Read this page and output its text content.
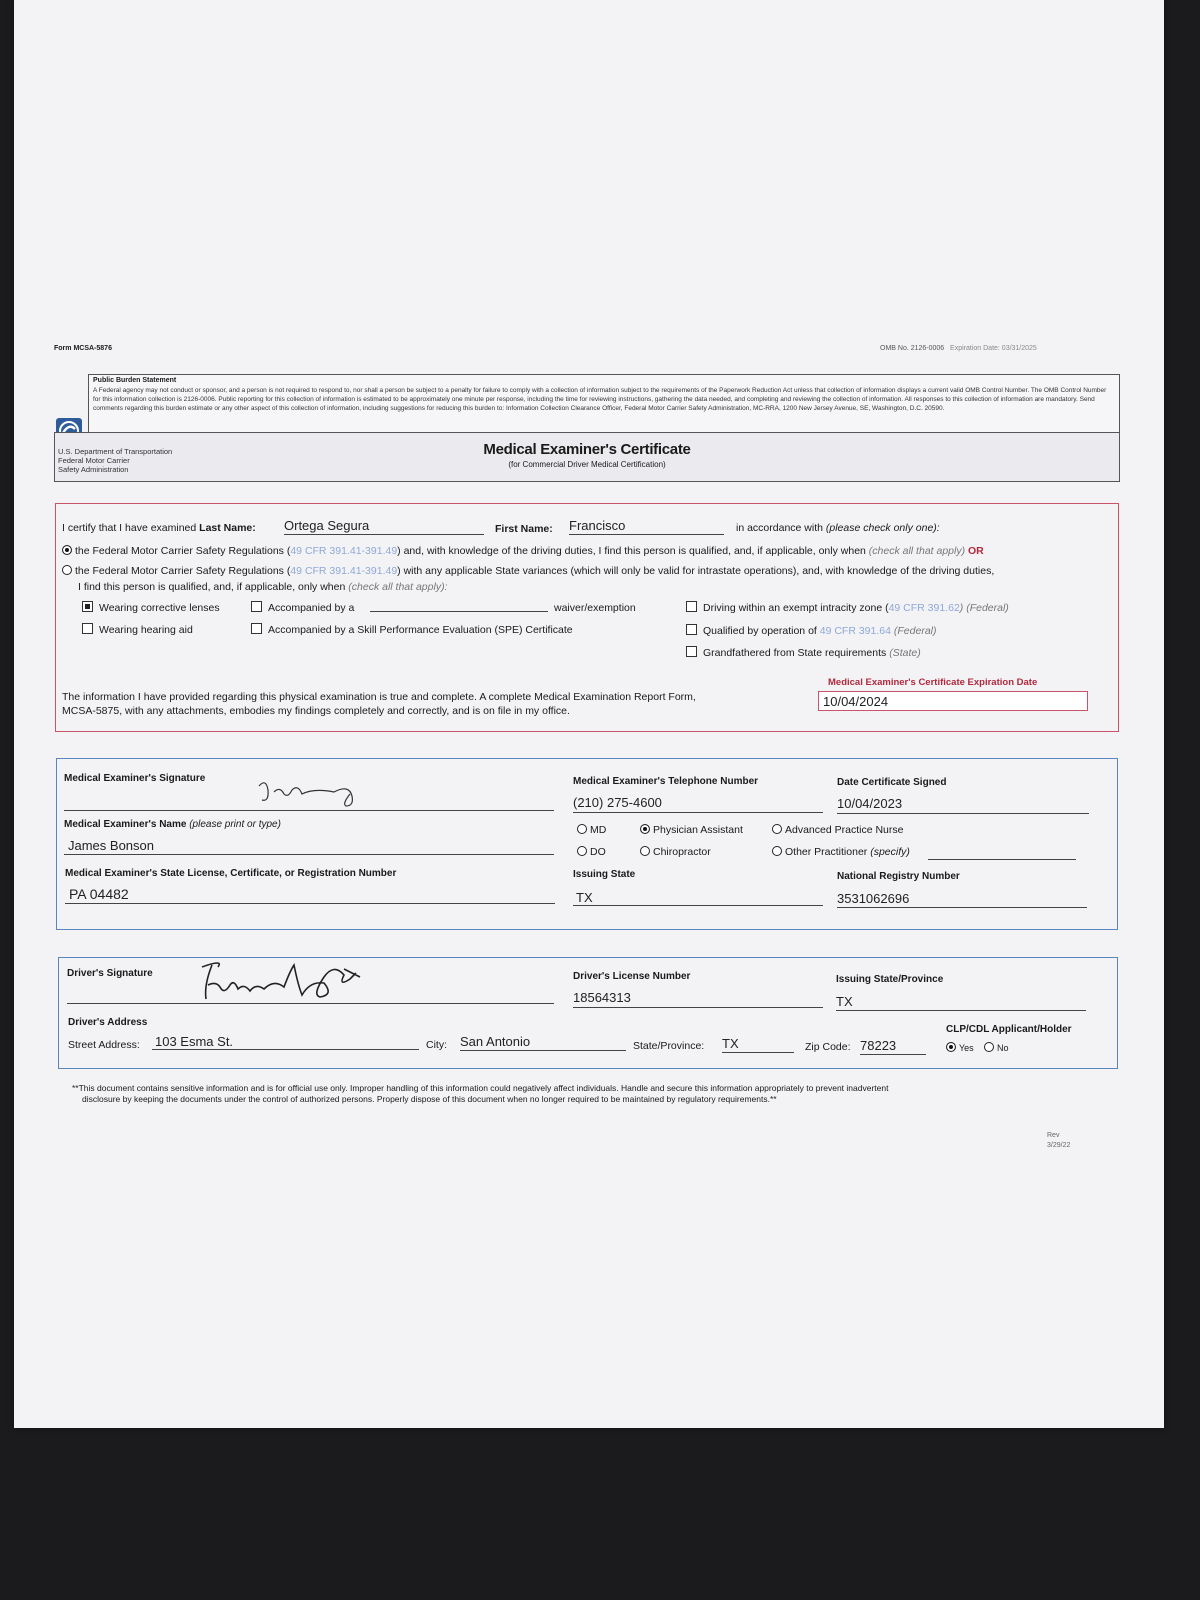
Form MCSA-5876	OMB No. 2126-0006 Expiration Date: 03/31/2025
Public Burden Statement
A Federal agency may not conduct or sponsor, and a person is not required to respond to, nor shall a person be subject to a penalty for failure to comply with a collection of information subject to the requirements of the Paperwork Reduction Act unless that collection of information displays a current valid OMB Control Number. The OMB Control Number for this information collection is 2126-0006. Public reporting for this collection of information is estimated to be approximately one minute per response, including the time for reviewing instructions, gathering the data needed, and completing and reviewing the collection of information. All responses to this collection of information are mandatory. Send comments regarding this burden estimate or any other aspect of this collection of information, including suggestions for reducing this burden to: Information Collection Clearance Officer, Federal Motor Carrier Safety Administration, MC-RRA, 1200 New Jersey Avenue, SE, Washington, D.C. 20590.
U.S. Department of Transportation
Federal Motor Carrier
Safety Administration
Medical Examiner's Certificate
(for Commercial Driver Medical Certification)
I certify that I have examined Last Name: Ortega Segura	First Name: Francisco	in accordance with (please check only one):
the Federal Motor Carrier Safety Regulations (49 CFR 391.41-391.49) and, with knowledge of the driving duties, I find this person is qualified, and, if applicable, only when (check all that apply) OR
the Federal Motor Carrier Safety Regulations (49 CFR 391.41-391.49) with any applicable State variances (which will only be valid for intrastate operations), and, with knowledge of the driving duties,
I find this person is qualified, and, if applicable, only when (check all that apply):
Wearing corrective lenses
Wearing hearing aid
Accompanied by a	waiver/exemption
Accompanied by a Skill Performance Evaluation (SPE) Certificate
Driving within an exempt intracity zone (49 CFR 391.62) (Federal)
Qualified by operation of 49 CFR 391.64 (Federal)
Grandfathered from State requirements (State)
The information I have provided regarding this physical examination is true and complete. A complete Medical Examination Report Form,
MCSA-5875, with any attachments, embodies my findings completely and correctly, and is on file in my office.
Medical Examiner's Certificate Expiration Date
10/04/2024
Medical Examiner's Signature	Medical Examiner's Telephone Number
(210) 275-4600
Date Certificate Signed
10/04/2023
Medical Examiner's Name (please print or type)
James Bonson
MD
DO
Physician Assistant
Chiropractor
Advanced Practice Nurse
Other Practitioner (specify)
Medical Examiner's State License, Certificate, or Registration Number
PA 04482
Issuing State
TX
National Registry Number
3531062696
Driver's Signature	Driver's License Number
18564313
Issuing State/Province
TX
Driver's Address
Street Address: 103 Esma St.	City: San Antonio	State/Province: TX	Zip Code: 78223
CLP/CDL Applicant/Holder
Yes	No
**This document contains sensitive information and is for official use only. Improper handling of this information could negatively affect individuals. Handle and secure this information appropriately to prevent inadvertent
disclosure by keeping the documents under the control of authorized persons. Properly dispose of this document when no longer required to be maintained by regulatory requirements.**
Rev
3/29/22
